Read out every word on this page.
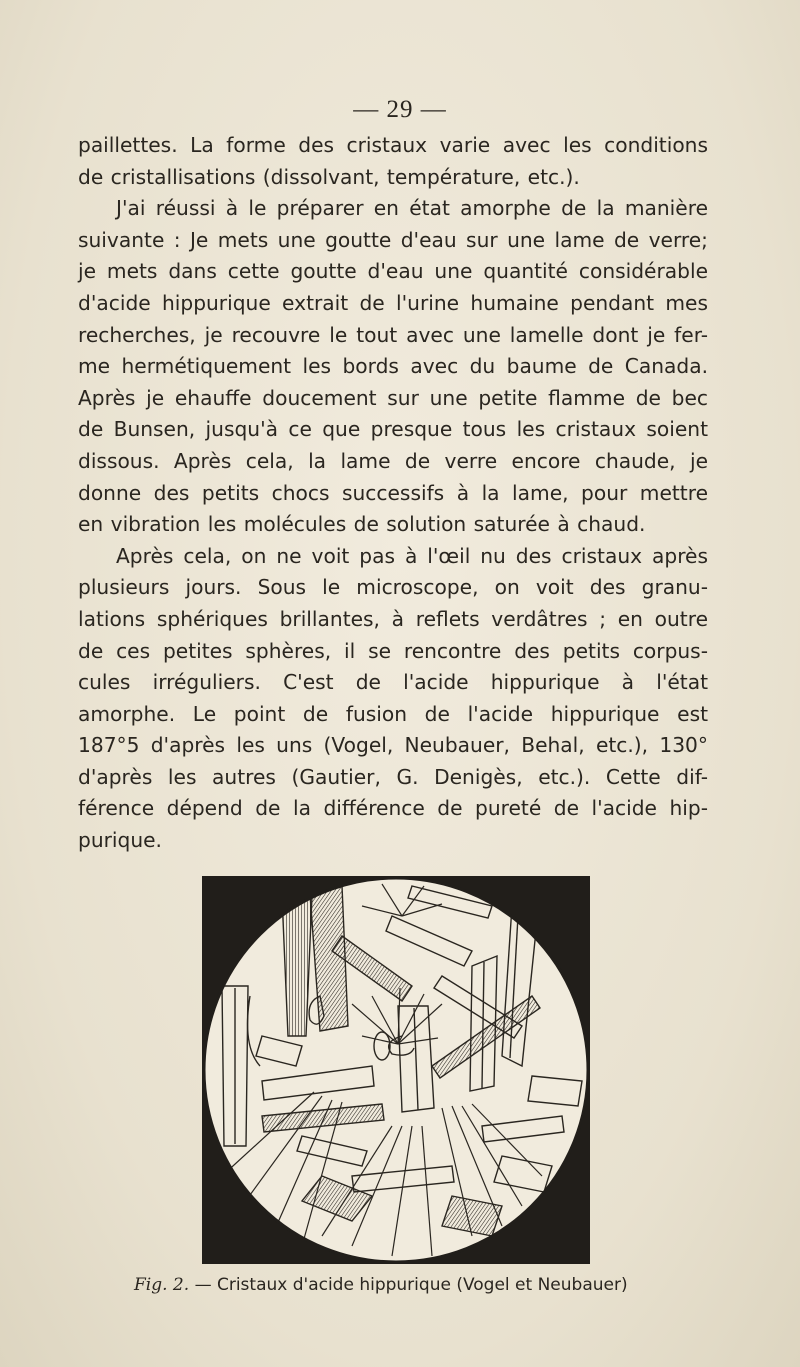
— 29 —
paillettes. La forme des cristaux varie avec les conditions
de cristallisations (dissolvant, température, etc.).
J'ai réussi à le préparer en état amorphe de la manière
suivante : Je mets une goutte d'eau sur une lame de verre;
je mets dans cette goutte d'eau une quantité considérable
d'acide hippurique extrait de l'urine humaine pendant mes
recherches, je recouvre le tout avec une lamelle dont je fer-
me hermétiquement les bords avec du baume de Canada.
Après je ehauffe doucement sur une petite flamme de bec
de Bunsen, jusqu'à ce que presque tous les cristaux soient
dissous. Après cela, la lame de verre encore chaude, je
donne des petits chocs successifs à la lame, pour mettre
en vibration les molécules de solution saturée à chaud.
Après cela, on ne voit pas à l'œil nu des cristaux après
plusieurs jours. Sous le microscope, on voit des granu-
lations sphériques brillantes, à reflets verdâtres ; en outre
de ces petites sphères, il se rencontre des petits corpus-
cules irréguliers. C'est de l'acide hippurique à l'état
amorphe. Le point de fusion de l'acide hippurique est
187°5 d'après les uns (Vogel, Neubauer, Behal, etc.), 130°
d'après les autres (Gautier, G. Denigès, etc.). Cette dif-
férence dépend de la différence de pureté de l'acide hip-
purique.
Fig. 2. — Cristaux d'acide hippurique (Vogel et Neubauer)
